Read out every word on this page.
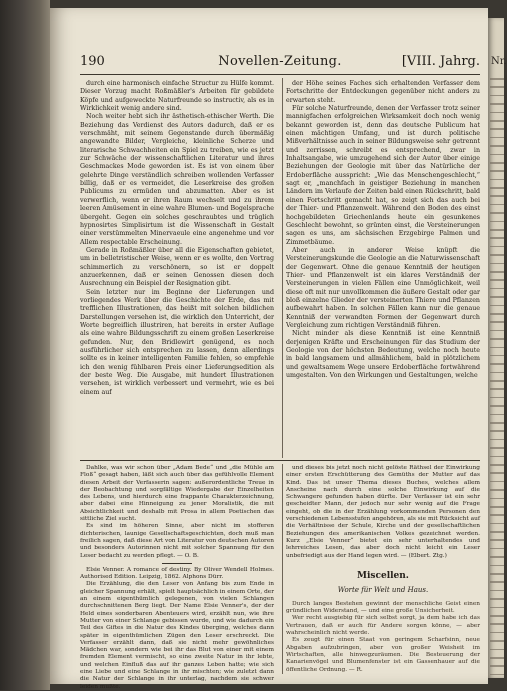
190	Novellen-Zeitung.	[VIII. Jahrg.

durch eine harmonisch einfache Structur zu Hülfe kommt. Dieser Vorzug macht Roßmäßler's Arbeiten für gebildete Köpfe und aufgeweckte Naturfreunde so instructiv, als es in Wirklichkeit wenig andere sind.

Noch weiter hebt sich ihr ästhetisch-ethischer Werth. Die Beziehung das Verdienst des Autors dadurch, daß er es verschmäht, mit seinem Gegenstande durch übermäßig angewandte Bilder, Vergleiche, kleinliche Scherze und literarische Schwachheiten ein Spiel zu treiben, wie es jetzt zur Schwäche der wissenschaftlichen Literatur und ihres Geschmackes Mode geworden ist. Es ist von einem über gelehrte Dinge verständlich schreiben wollenden Verfasser billig, daß er es vermeidet, die Leserkreise des großen Publicums zu ermüden und abzumatten. Aber es ist verwerflich, wenn er ihren Raum wechselt und zu ihrem leeren Amüsement in eine wahre Blumen- und Bogelsprache übergeht. Gegen ein solches geschraubtes und trüglich hypnosirtes Simplisirtum ist die Wissenschaft in Gestalt einer verstümmelten Minervaeule eine angenehme und vor Allem respectable Erscheinung.

Gerade in Roßmäßler über all die Eigenschaften gebietet, um in belletristischer Weise, wenn er es wollte, den Vortrag schimmerlich zu verschönern, so ist er doppelt anzuerkennen, daß er seinen Genossen diesen doch Ausrechnung ein Beispiel der Resignation gibt.

Sein letzter nur im Beginne der Lieferungen und vorliegendes Werk über die Geschichte der Erde, das mit trefflichen Illustrationen, das heißt mit solchen bildlichen Darstellungen versehen ist, die wirklich den Unterricht, der Worte begreiflich illustriren, hat bereits in erster Auflage als eine wahre Bildungsschrift zu einem großen Leserkreise gefunden. Nur, den Bridlewirt genügend, es noch ausführlicher sich entsprechen zu lassen, denn allerdings sollte es in keiner intelligenten Familie fehlen, so empfehle ich den wenig fühlbaren Preis einer Lieferungsedition als der beste Weg. Die Ausgabe, mit hundert Illustrationen versehen, ist wirklich verbessert und vermehrt, wie es bei einem auf

der Höhe seines Faches sich erhaltenden Verfasser dem Fortschritte der Entdeckungen gegenüber nicht anders zu erwarten steht.

Für solche Naturfreunde, denen der Verfasser trotz seiner mannigfachen erfolgreichen Wirksamkeit doch noch wenig bekannt geworden ist, denn das deutsche Publicum hat einen mächtigen Umfang, und ist durch politische Mißverhältnisse auch in seiner Bildungsweise sehr getrennt und zerrissen, schreibt es entsprechend, zwar in Inhaltsangabe, wie umzugehend sich der Autor über einige Beziehungen der Geologie mit über das Natürliche der Erdoberfläche ausspricht: „Wie das Menschengeschlecht,“ sagt er, „manchfach in geistiger Beziehung in manchen Ländern im Verlaufe der Zeiten bald einen Rückschritt, bald einen Fortschritt gemacht hat, so zeigt sich das auch bei der Thier- und Pflanzenwelt. Während den Boden des einst hochgebildeten Griechenlands heute ein gesunkenes Geschlecht bewohnt, so grünten einst, die Versteinerungen sagen es uns, am sächsischen Erzgebirge Palmen und Zimmetbäume.

Aber auch in anderer Weise knüpft die Versteinerungskunde die Geologie an die Naturwissenschaft der Gegenwart. Ohne die genaue Kenntniß der heutigen Thier- und Pflanzenwelt ist ein klares Verständniß der Versteinerungen in vielen Fällen eine Unmöglichkeit, weil diese oft mit nur unvollkommen die äußere Gestalt oder gar bloß einzelne Glieder der versteinerten Thiere und Pflanzen aufbewahrt haben. In solchen Fällen kann nur die genaue Kenntniß der verwandten Formen der Gegenwart durch Vergleichung zum richtigen Verständniß führen.

Nicht minder als diese Kenntniß ist eine Kenntniß derjenigen Kräfte und Erscheinungen für das Studium der Geologie von der höchsten Bedeutung, welche noch heute in bald langsamem und allmählichem, bald in plötzlichem und gewaltsamem Wege unsere Erdoberfläche fortwährend umgestalten. Von den Wirkungen und Gestaltungen, welche

Dahlke, was wir schon über „Adam Bede“ und „die Mühle am Floß“ gesagt haben, läßt sich auch über das gefühlvolle Element diesen Arbeit der Verfasserin sagen: außerordentliche Treue in der Beobachtung und sorgfältige Wiedergabe der Einzelheiten des Lebens, und hierdurch eine frappante Charakterzeichnung, aber dabei eine Hinneigung zu jener Moralistik, die mit Absichtlichkeit und deshalb mit Prosa in allem Poetischen das sittliche Ziel sucht.

Es sind im höheren Sinne, aber nicht im stofferen dichterischen, launige Gesellschaftsgeschichten, doch muß man freilich sagen, daß diese Art von Literatur von deutschen Autoren und besonders Autorinnen nicht mit solcher Spannung für den Leser bedacht zu werden pflegt. — O. B.

Elsie Venner. A romance of destiny. By Oliver Wendell Holmes. Authorised Edition. Leipzig, 1862. Alphons Dürr.

Die Erzählung, die den Leser von Anfang bis zum Ende in gleicher Spannung erhält, spielt hauptsächlich in einem Orte, der an einem eigenthümlich gelegenen, von vielen Schlangen durchschnittenen Berg liegt. Der Name Elsie Venner's, der der Held eines sonderbaren Abenteuers wird, erzählt nun, wie ihre Mutter von einer Schlange gebissen wurde, und wie dadurch ein Teil des Giftes in die Natur des Kindes überging, welches dann später in eigenthümlichen Zügen den Leser erschreckt. Die Verfasser erzählt dann, daß sie nicht mehr gewöhnliches Mädchen war, sondern wie bei ihr das Blut von einer mit einem fremden Element vermischt, so eine zweite Natur in ihr lebte, und welchen Einfluß das auf ihr ganzes Leben hatte; wie sich eine Liebe und eine Schlange in ihr mischten; wie zuletzt dann die Natur der Schlange in ihr unterlag, nachdem sie schwer leiden mußte.

und dieses bis jetzt noch nicht gelöste Räthsel der Einwirkung einer ersten Erschütterung des Gemüths der Mutter auf das Kind. Das ist unser Thema dieses Buches, welches allem Anscheine nach durch eine solche Einwirkung auf die Schwangere gefunden haben dürfte. Der Verfasser ist ein sehr gescheidter Mann, der jedoch nur sehr wenig auf die Frage eingeht, ob die in der Erzählung vorkommenden Personen den verschiedenen Lebensstufen angehören, als sie mit Rücksicht auf die Verhältnisse der Schule, Kirche und der gesellschaftlichen Beziehungen des amerikanischen Volkes gezeichnet werden. Kurz „Elsie Venner“ bietet ein sehr unterhaltendes und lehrreiches Lesen, das aber doch nicht leicht ein Leser unbefriedigt aus der Hand legen wird. — (Elbert. Ztg.)

Miscellen.
Worte für Welt und Haus.

Durch langes Bestehen gewinnt der menschliche Geist einen gründlichen Widerstand, — und eine große Unsicherheit.

Wer recht ausgiebig für sich selbst sorgt, ja dem habe ich das Vertrauen, daß er auch für Andere sorgen könne, — aber wahrscheinlich nicht werde.

Es zeugt für einen Staat von geringem Scharfsinn, neue Abgaben aufzubringen, aber von großer Weisheit im Wirtschaften, alle hinwegzuräumen. Die Besteuerung der Kanarienvögel und Blumenfenster ist ein Gassenhauer auf die öffentliche Ordnung. — R.

Nr.
